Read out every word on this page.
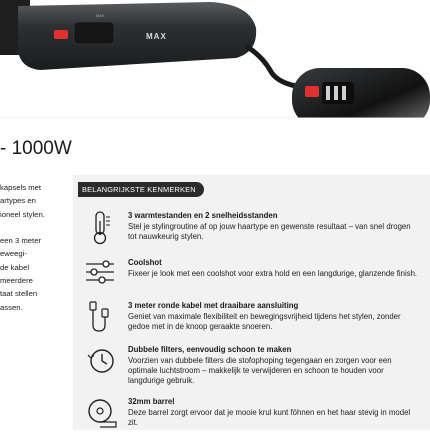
MAX
MAX
- 1000W
kapsels met
artypes en
ioneel stylen.

een 3 meter
eweegi-
de kabel
meerdere
taat stellen
assen.
BELANGRIJKSTE KENMERKEN
3 warmtestanden en 2 snelheidsstanden
Stel je stylingroutine af op jouw haartype en gewenste resultaat – van snel drogen tot nauwkeurig stylen.
Coolshot
Fixeer je look met een coolshot voor extra hold en een langdurige, glanzende finish.
3 meter ronde kabel met draaibare aansluiting
Geniet van maximale flexibiliteit en bewegingsvrijheid tijdens het stylen, zonder gedoe met in de knoop geraakte snoeren.
Dubbele filters, eenvoudig schoon te maken
Voorzien van dubbele filters die stofophoping tegengaan en zorgen voor een optimale luchtstroom – makkelijk te verwijderen en schoon te houden voor langdurige gebruik.
32mm barrel
Deze barrel zorgt ervoor dat je mooie krul kunt föhnen en het haar stevig in model zit.
